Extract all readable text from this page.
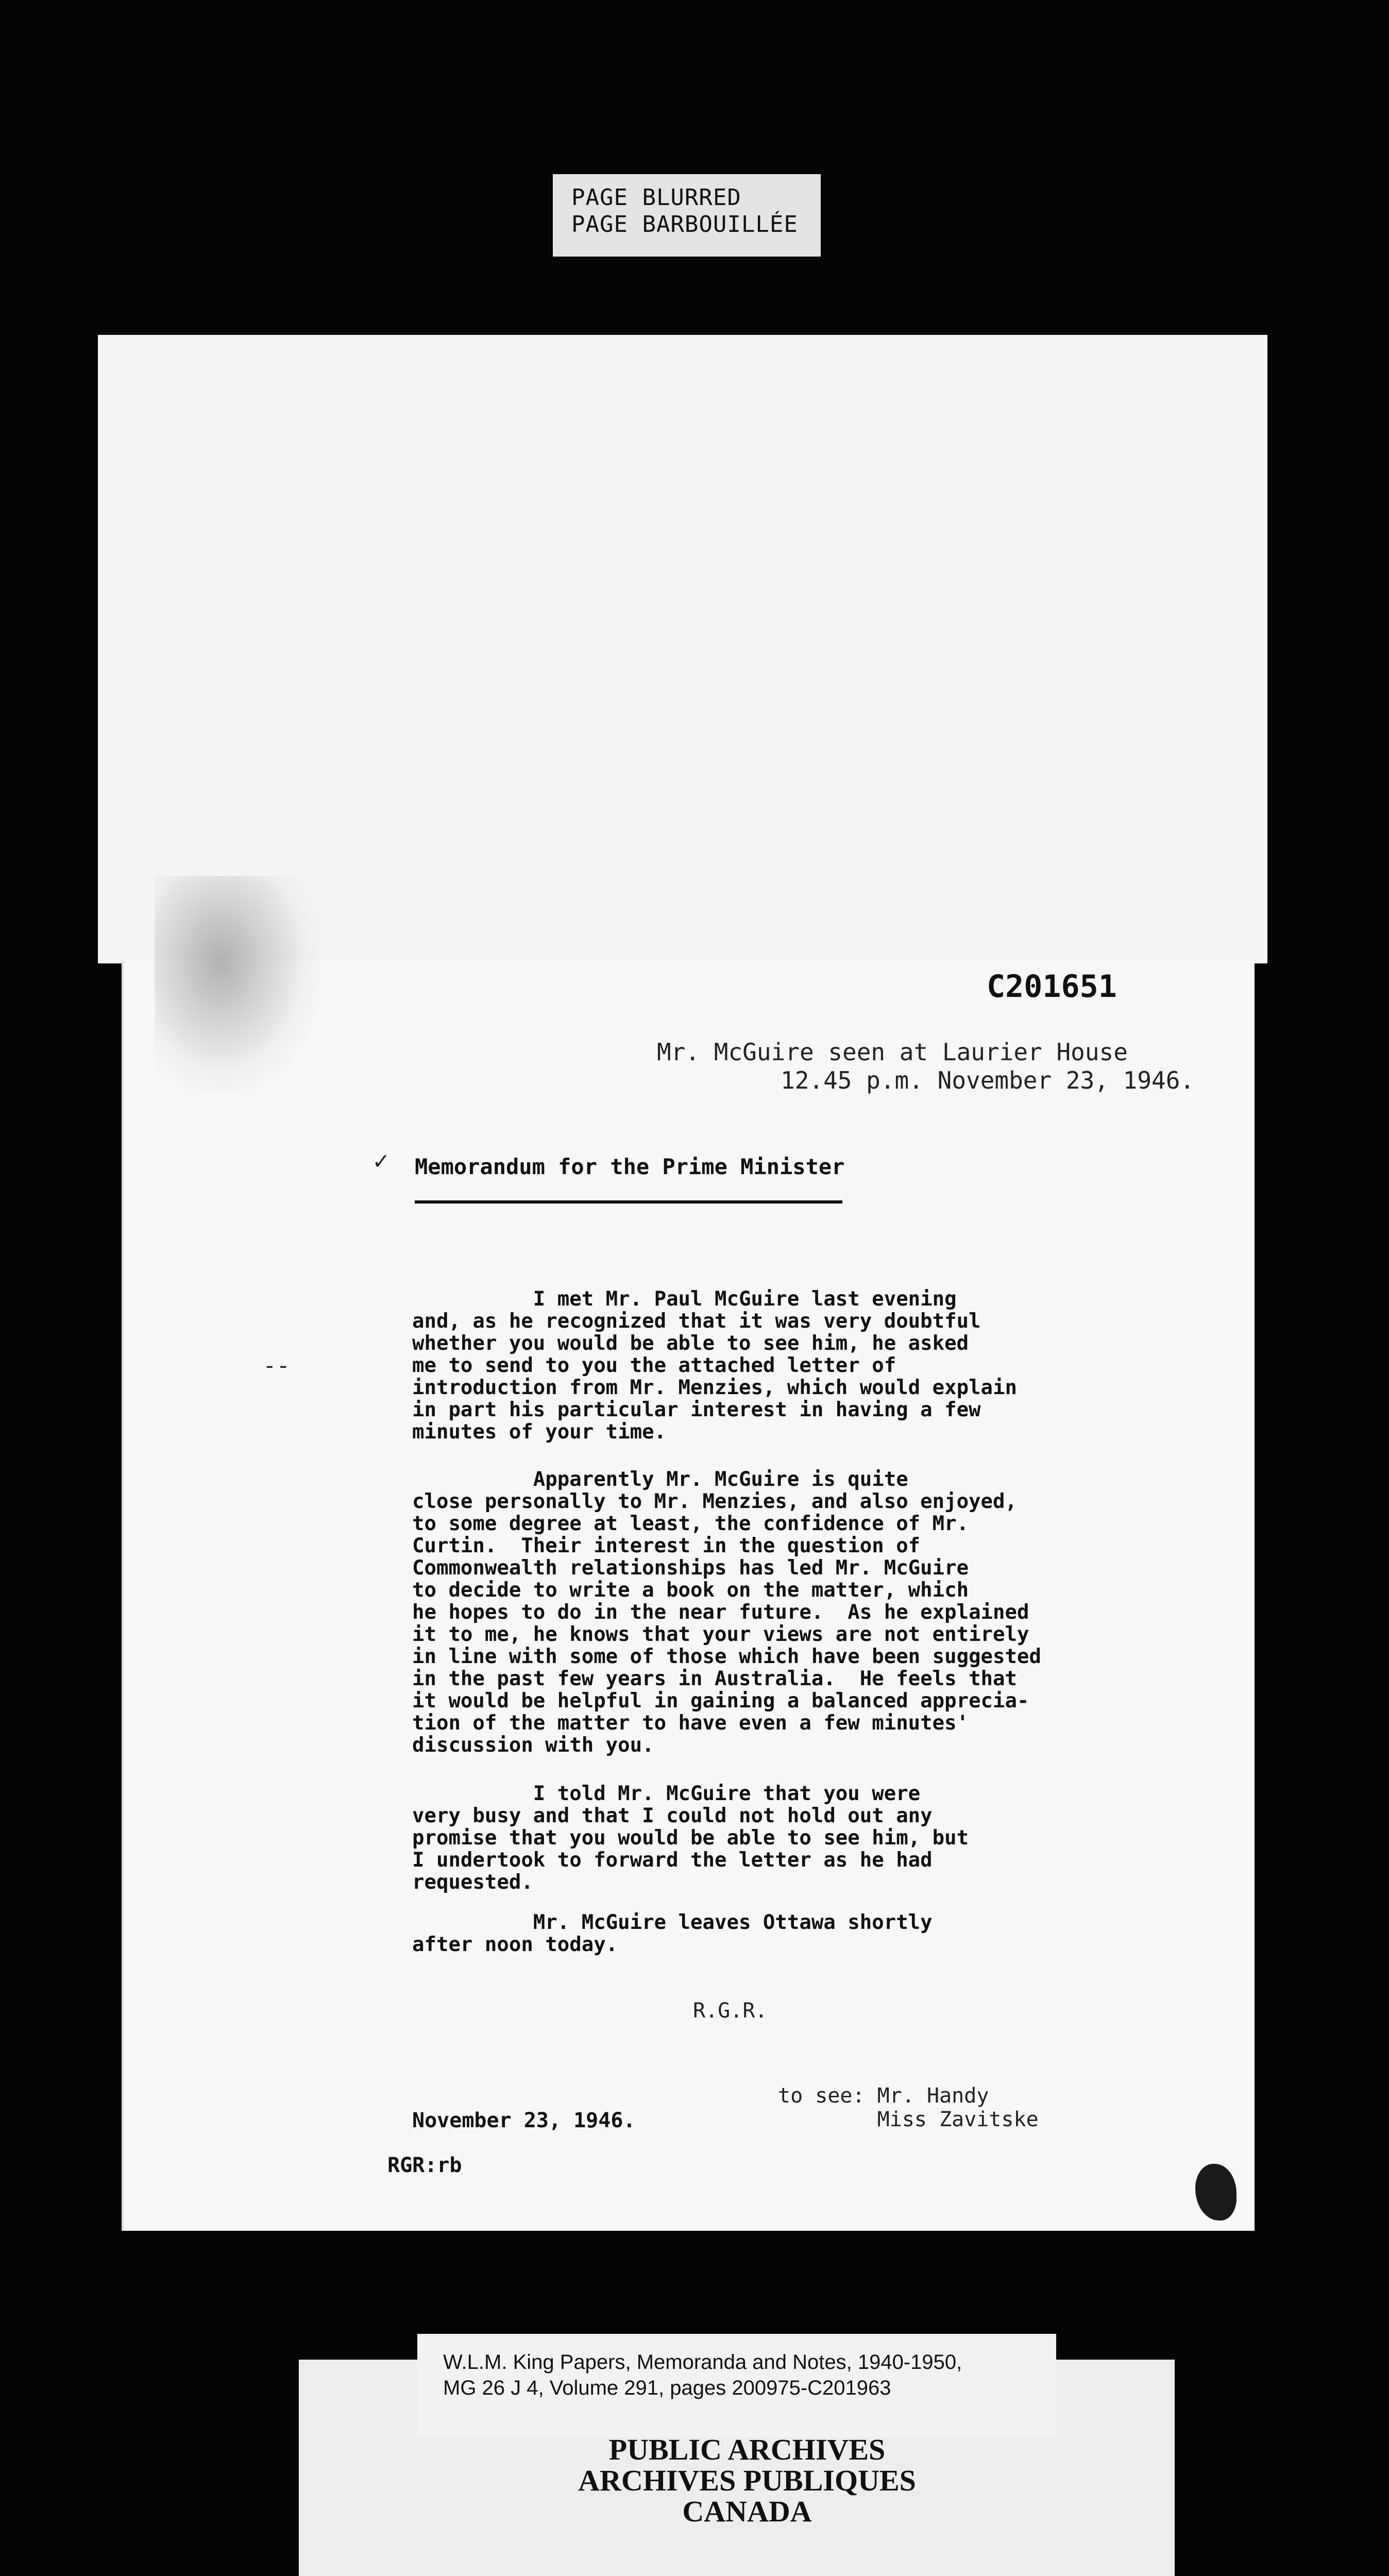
PAGE BLURRED
PAGE BARBOUILLÉE
C201651
Mr. McGuire seen at Laurier House
12.45 p.m. November 23, 1946.
✓ Memorandum for the Prime Minister
--
I met Mr. Paul McGuire last evening
and, as he recognized that it was very doubtful
whether you would be able to see him, he asked
me to send to you the attached letter of
introduction from Mr. Menzies, which would explain
in part his particular interest in having a few
minutes of your time.
Apparently Mr. McGuire is quite
close personally to Mr. Menzies, and also enjoyed,
to some degree at least, the confidence of Mr.
Curtin.  Their interest in the question of
Commonwealth relationships has led Mr. McGuire
to decide to write a book on the matter, which
he hopes to do in the near future.  As he explained
it to me, he knows that your views are not entirely
in line with some of those which have been suggested
in the past few years in Australia.  He feels that
it would be helpful in gaining a balanced apprecia-
tion of the matter to have even a few minutes'
discussion with you.
I told Mr. McGuire that you were
very busy and that I could not hold out any
promise that you would be able to see him, but
I undertook to forward the letter as he had
requested.
Mr. McGuire leaves Ottawa shortly
after noon today.
R.G.R.
to see: Mr. Handy
Miss Zavitske
November 23, 1946.
RGR:rb
W.L.M. King Papers, Memoranda and Notes, 1940-1950,
MG 26 J 4, Volume 291, pages 200975-C201963
PUBLIC ARCHIVES
ARCHIVES PUBLIQUES
CANADA
